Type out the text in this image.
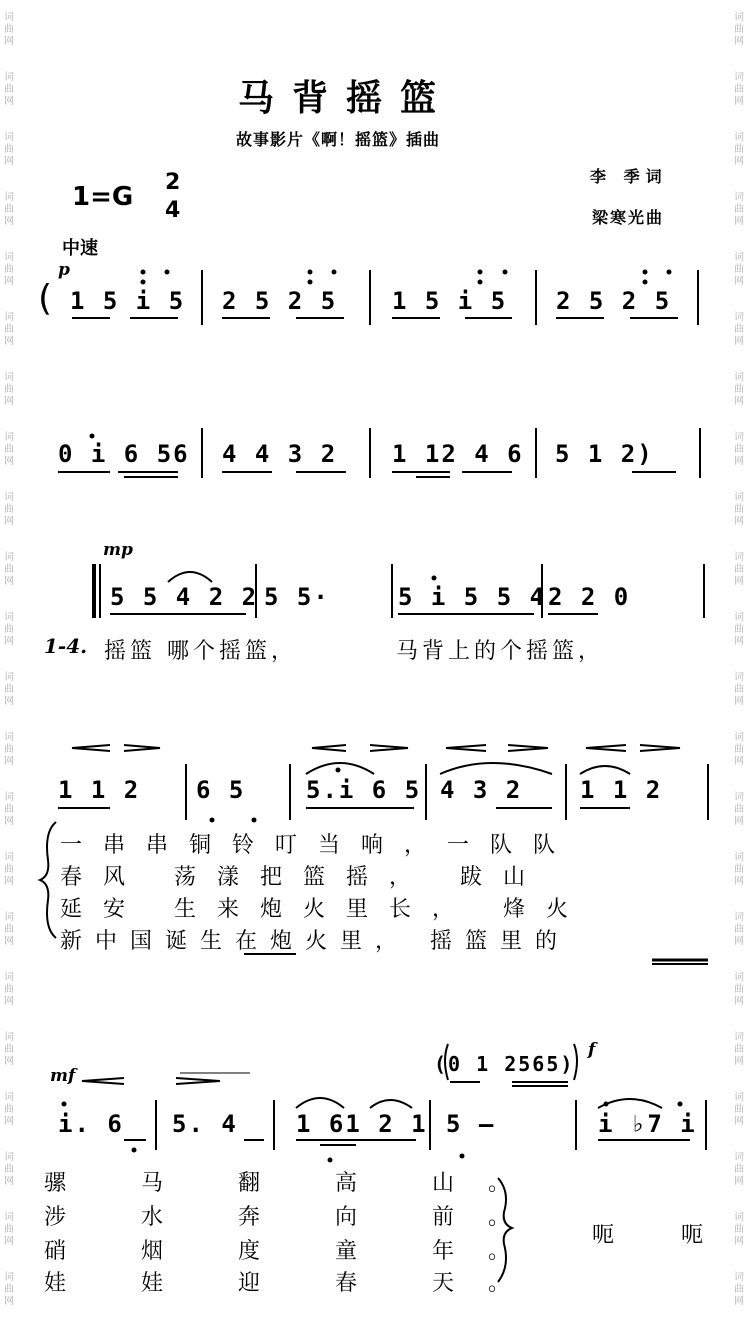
词
曲
网
词
曲
网
词
曲
网
词
曲
网
词
曲
网
词
曲
网
词
曲
网
词
曲
网
词
曲
网
词
曲
网
词
曲
网
词
曲
网
词
曲
网
词
曲
网
词
曲
网
词
曲
网
词
曲
网
词
曲
网
词
曲
网
词
曲
网
词
曲
网
词
曲
网
词
曲
网
词
曲
网
词
曲
网
词
曲
网
词
曲
网
词
曲
网
词
曲
网
词
曲
网
词
曲
网
词
曲
网
词
曲
网
词
曲
网
词
曲
网
词
曲
网
词
曲
网
词
曲
网
词
曲
网
词
曲
网
词
曲
网
词
曲
网
词
曲
网
词
曲
网
马背摇篮
故事影片《啊！摇篮》插曲
李 季词
梁寒光曲
1=G 2
4
中速
p
( 1 5 i 5 2 5 2 5 1 5 i 5 2 5 2 5
0 i 6 56 4 4 3 2 1 12 4 6 5 1 2)
mp
5 5 4 2 2 5 5·	5 i 5 5 4 2 2 0
1-4. 摇篮 哪个摇篮，	马背上的个摇篮，
1 1 2 6 5	5.i 6 5 4 3 2 1 1 2
一串串铜铃叮当响，一队队
春风 荡漾把篮摇， 跋山
延安 生来炮火里长， 烽火
新中国诞生在炮火里， 摇篮里的
(0 1 2565)
f
mf
i. 6 5. 4 1 61 2 1 5 –	i ♭7 i
骡 马 翻 高 山。
涉 水 奔 向 前。
硝 烟 度 童 年。
娃 娃 迎 春 天。
呃 呃
